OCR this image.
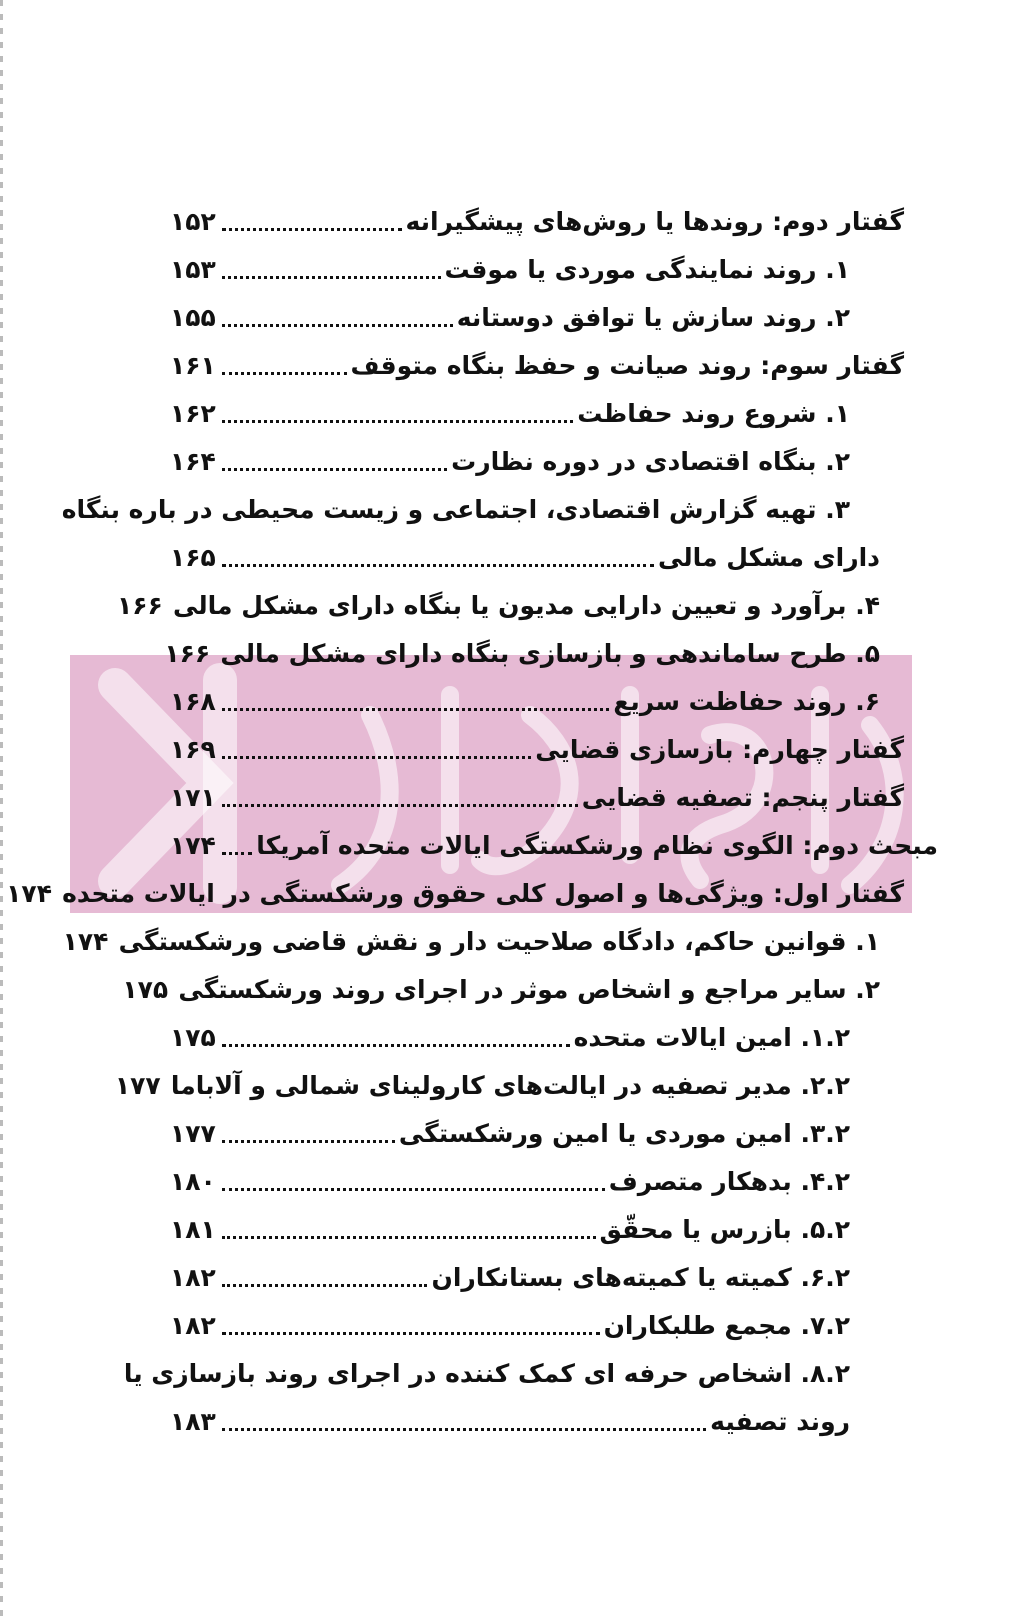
گفتار دوم: روندها یا روش‌های پیشگیرانه
۱۵۲
۱. روند نمایندگی موردی یا موقت
۱۵۳
۲. روند سازش یا توافق دوستانه
۱۵۵
گفتار سوم: روند صیانت و حفظ بنگاه متوقف
۱۶۱
۱. شروع روند حفاظت
۱۶۲
۲. بنگاه اقتصادی در دوره نظارت
۱۶۴
۳. تهیه گزارش اقتصادی، اجتماعی و زیست محیطی در باره بنگاه
دارای مشکل مالی
۱۶۵
۴. برآورد و تعیین دارایی مدیون یا بنگاه دارای مشکل مالی
۱۶۶
۵. طرح ساماندهی و بازسازی بنگاه دارای مشکل مالی
۱۶۶
۶. روند حفاظت سریع
۱۶۸
گفتار چهارم: بازسازی قضایی
۱۶۹
گفتار پنجم: تصفیه قضایی
۱۷۱
مبحث دوم: الگوی نظام ورشکستگی ایالات متحده آمریکا
۱۷۴
گفتار اول: ویژگی‌ها و اصول کلی حقوق ورشکستگی در ایالات متحده
۱۷۴
۱. قوانین حاکم، دادگاه صلاحیت دار و نقش قاضی ورشکستگی
۱۷۴
۲. سایر مراجع و اشخاص موثر در اجرای روند ورشکستگی
۱۷۵
۱.۲. امین ایالات متحده
۱۷۵
۲.۲. مدیر تصفیه در ایالت‌های کارولینای شمالی و آلاباما
۱۷۷
۳.۲. امین موردی یا امین ورشکستگی
۱۷۷
۴.۲. بدهکار متصرف
۱۸۰
۵.۲. بازرس یا محقّق
۱۸۱
۶.۲. کمیته یا کمیته‌های بستانکاران
۱۸۲
۷.۲. مجمع طلبکاران
۱۸۲
۸.۲. اشخاص حرفه ای کمک کننده در اجرای روند بازسازی یا
روند تصفیه
۱۸۳
